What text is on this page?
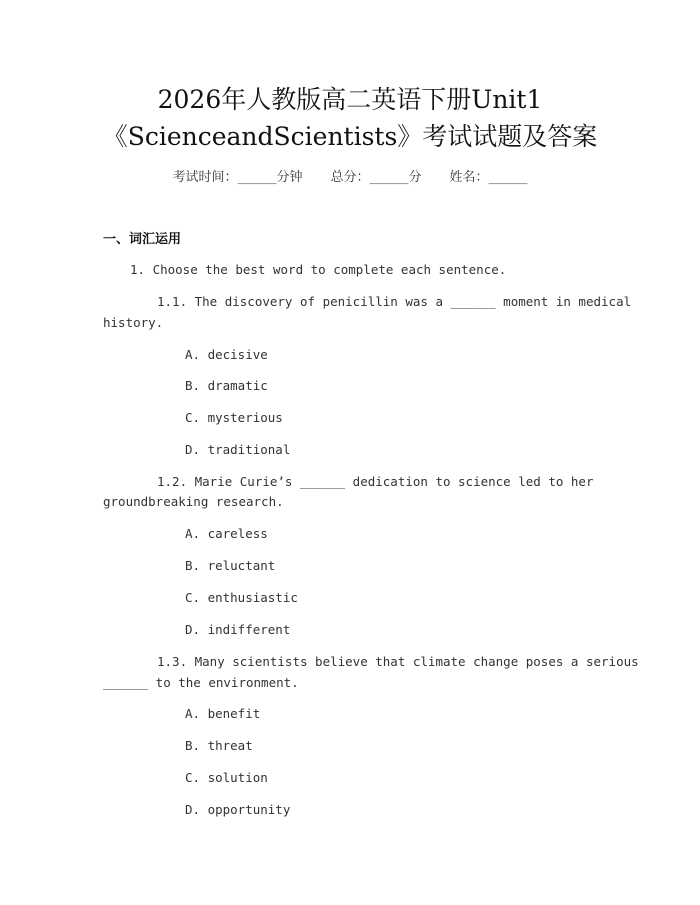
2026年人教版高二英语下册Unit1
《ScienceandScientists》考试试题及答案
考试时间：______分钟 总分：______分 姓名：______
一、词汇运用
1. Choose the best word to complete each sentence.
1.1. The discovery of penicillin was a ______ moment in medical
history.
A. decisive
B. dramatic
C. mysterious
D. traditional
1.2. Marie Curie’s ______ dedication to science led to her
groundbreaking research.
A. careless
B. reluctant
C. enthusiastic
D. indifferent
1.3. Many scientists believe that climate change poses a serious
______ to the environment.
A. benefit
B. threat
C. solution
D. opportunity
